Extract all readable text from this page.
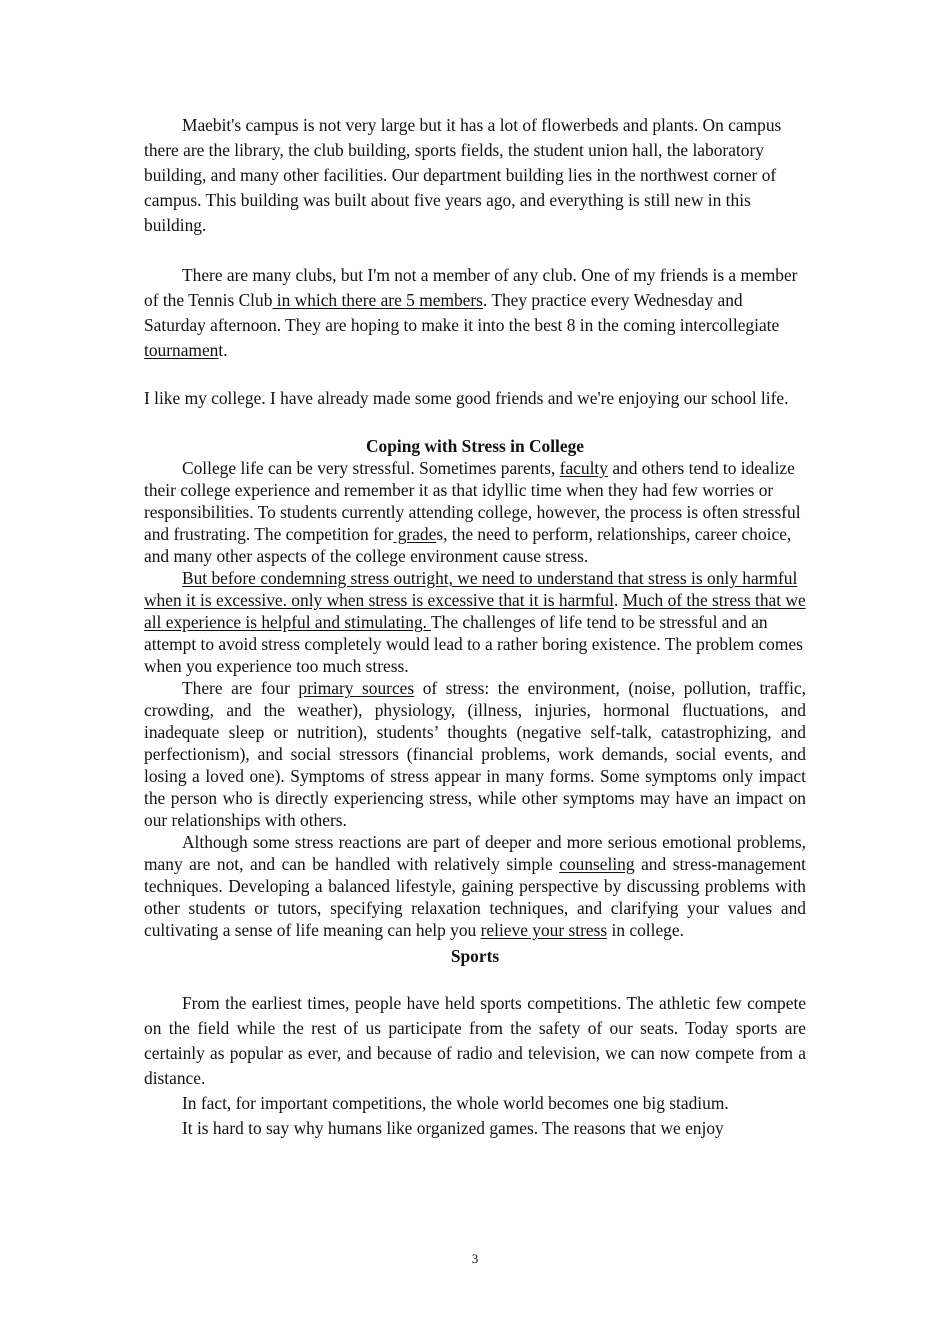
Maebit's campus is not very large but it has a lot of flowerbeds and plants. On campus there are the library, the club building, sports fields, the student union hall, the laboratory building, and many other facilities. Our department building lies in the northwest corner of campus. This building was built about five years ago, and everything is still new in this building.

There are many clubs, but I'm not a member of any club. One of my friends is a member of the Tennis Club in which there are 5 members. They practice every Wednesday and Saturday afternoon. They are hoping to make it into the best 8 in the coming intercollegiate tournament.

I like my college. I have already made some good friends and we're enjoying our school life.

Coping with Stress in College

College life can be very stressful. Sometimes parents, faculty and others tend to idealize their college experience and remember it as that idyllic time when they had few worries or responsibilities. To students currently attending college, however, the process is often stressful and frustrating. The competition for grades, the need to perform, relationships, career choice, and many other aspects of the college environment cause stress.

But before condemning stress outright, we need to understand that stress is only harmful when it is excessive. only when stress is excessive that it is harmful. Much of the stress that we all experience is helpful and stimulating. The challenges of life tend to be stressful and an attempt to avoid stress completely would lead to a rather boring existence. The problem comes when you experience too much stress.

There are four primary sources of stress: the environment, (noise, pollution, traffic, crowding, and the weather), physiology, (illness, injuries, hormonal fluctuations, and inadequate sleep or nutrition), students’ thoughts (negative self-talk, catastrophizing, and perfectionism), and social stressors (financial problems, work demands, social events, and losing a loved one). Symptoms of stress appear in many forms. Some symptoms only impact the person who is directly experiencing stress, while other symptoms may have an impact on our relationships with others.

Although some stress reactions are part of deeper and more serious emotional problems, many are not, and can be handled with relatively simple counseling and stress-management techniques. Developing a balanced lifestyle, gaining perspective by discussing problems with other students or tutors, specifying relaxation techniques, and clarifying your values and cultivating a sense of life meaning can help you relieve your stress in college.

Sports

From the earliest times, people have held sports competitions. The athletic few compete on the field while the rest of us participate from the safety of our seats. Today sports are certainly as popular as ever, and because of radio and television, we can now compete from a distance.

In fact, for important competitions, the whole world becomes one big stadium.

It is hard to say why humans like organized games. The reasons that we enjoy

3
